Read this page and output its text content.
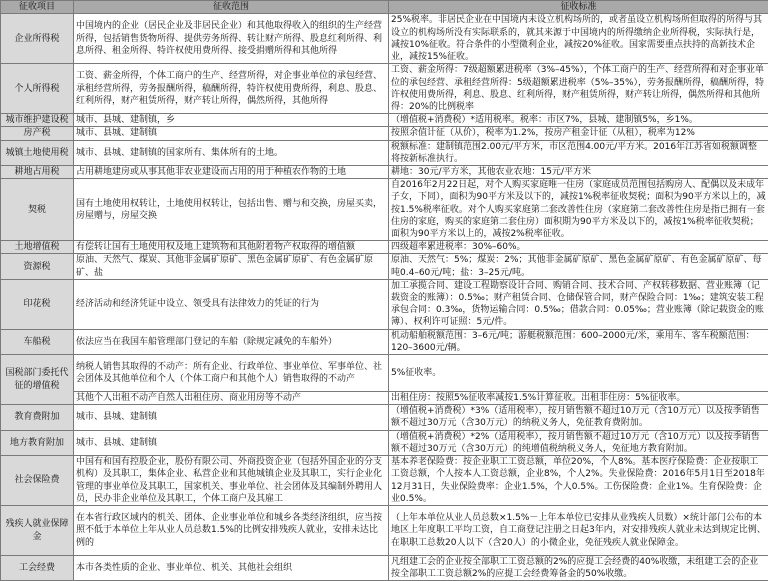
征收项目	征收范围	征收标准
企业所得税	中国境内的企业（居民企业及非居民企业）和其他取得收入的组织的生产经营所得，包括销售货物所得、提供劳务所得、转让财产所得、股息红利所得、利息所得、租金所得、特许权使用费所得、接受捐赠所得和其他所得	25%税率。非居民企业在中国境内未设立机构场所的，或者虽设立机构场所但取得的所得与其设立的机构场所没有实际联系的，就其来源于中国境内的所得缴纳企业所得税，实际执行是，减按10%征收。符合条件的小型微利企业，减按20%征收。国家需要重点扶持的高新技术企业，减按15%征收。
个人所得税	工资、薪金所得，个体工商户的生产、经营所得，对企事业单位的承包经营、承租经营所得，劳务报酬所得，稿酬所得，特许权使用费所得，利息、股息、红利所得，财产租赁所得，财产转让所得，偶然所得，其他所得	工资、薪金所得：7级超额累进税率（3%–45%），个体工商户的生产、经营所得和对企事业单位的承包经营、承租经营所得：5级超额累进税率（5%–35%），劳务报酬所得，稿酬所得，特许权使用费所得，利息、股息、红利所得，财产租赁所得，财产转让所得，偶然所得和其他所得：20%的比例税率
城市维护建设税	城市、县城、建制镇，乡	（增值税+消费税）*适用税率。税率：市区7%，县城、建制镇5%，乡1%。
房产税	城市、县城、建制镇	按照余值计征（从价），税率为1.2%，按房产租金计征（从租），税率为12%
城镇土地使用税	城市、县城、建制镇的国家所有、集体所有的土地。	税额标准：建制镇范围2.00元/平方米，市区范围4.00元/平方米。2016年江苏省如税额调整将按新标准执行。
耕地占用税	占用耕地建房或从事其他非农业建设而占用的用于种植农作物的土地	耕地：30元/平方米，其他农业农地：15元/平方米
契税	国有土地使用权转让，土地使用权转让，包括出售、赠与和交换，房屋买卖，房屋赠与，房屋交换	自2016年2月22日起，对个人购买家庭唯一住房（家庭成员范围包括购房人、配偶以及未成年子女，下同），面积为90平方米及以下的，减按1%税率征收契税；面积为90平方米以上的，减按1.5%税率征收。对个人购买家庭第二套改善性住房（家庭第二套改善性住房是指已拥有一套住房的家庭，购买的家庭第二套住房）面积期为90平方米及以下的，减按1%税率征收契税；面积为90平方米以上的，减按2%税率征收。
土地增值税	有偿转让国有土地使用权及地上建筑物和其他附着物产权取得的增值额	四级超率累进税率：30%–60%。
资源税	原油、天然气、煤炭、其他非金属矿原矿、黑色金属矿原矿、有色金属矿原矿、盐	原油、天然气：5%；煤炭：2%；其他非金属矿原矿、黑色金属矿原矿、有色金属矿原矿、每吨0.4–60元/吨；盐：3–25元/吨。
印花税	经济活动和经济凭证中设立、领受具有法律效力的凭证的行为	加工承揽合同、建设工程勘察设计合同、购销合同、技术合同、产权转移数据、营业账簿（记载资金的账簿）：0.5‰；财产租赁合同、仓储保管合同，财产保险合同：1‰；建筑安装工程承包合同：0.3‰，货物运输合同：0.5‰；借款合同：0.05‰；营业账簿（除记载资金的账簿）、权利许可证照：5元/件。
车船税	依法应当在我国车船管理部门登记的车船（除规定减免的车船外）	机动船舶税额范围：3–6元/吨；游艇税额范围：600–2000元/米，乘用车、客车税额范围：120–3600元/辆。
国税部门委托代征的增值税	纳税人销售其取得的不动产：所有企业、行政单位、事业单位、军事单位、社会团体及其他单位和个人（个体工商户和其他个人）销售取得的不动产	5%征收率。
	其他个人出租不动产自然人出租住房、商业用房等不动产	出租住房：按照5%征收率减按1.5%计算征收。出租非住房：5%征收率。
教育费附加	城市、县城、建制镇	（增值税+消费税）*3%（适用税率），按月销售额不超过10万元（含10万元）以及按季销售额不超过30万元（含30万元）的纳税义务人，免征教育费附加。
地方教育附加	城市、县城、建制镇	（增值税+消费税）*2%（适用税率），按月销售额不超过10万元（含10万元）以及按季销售额不超过30万元（含30万元）的纯增值税纳税义务人，免征地方教育附加。
社会保险费	中国有和国有控股企业，股份有限公司、外商投资企业（包括外国企业的分支机构）及其职工，集体企业、私营企业和其他城镇企业及其职工，实行企业化管理的事业单位及其职工，国家机关、事业单位、社会团体及其编制外聘用人员，民办非企业单位及其职工，个体工商户及其雇工	基本养老保险费：按企业职工工资总额，单位20%，个人8%。基本医疗保险费：企业按职工工资总额，个人按本人工资总额，企业8%，个人2%。失业保险费：2016年5月1日至2018年12月31日，失业保险费率：企业1.5%，个人0.5%。工伤保险费：企业1%。生育保险费：企业0.5%。
残疾人就业保障金	在本省行政区域内的机关、团体、企业事业单位和城乡各类经济组织，应当按照不低于本单位上年从业人员总数1.5%的比例安排残疾人就业，安排未达比例的	（上年本单位从业人员总数×1.5%－上年本单位已安排从业残疾人员数）×统计部门公布的本地区上年度职工平均工资，自工商登记注册之日起3年内，对安排残疾人就业未达到规定比例、在职职工总数20人以下（含20人）的小微企业，免征残疾人就业保障金。
工会经费	本市各类性质的企业、事业单位、机关、其他社会组织	凡组建工会的企业按全部职工工资总额的2%的应提工会经费的40%收缴，未组建工会的企业按全部职工工资总额2%的应提工会经费筹备金的50%收缴。
